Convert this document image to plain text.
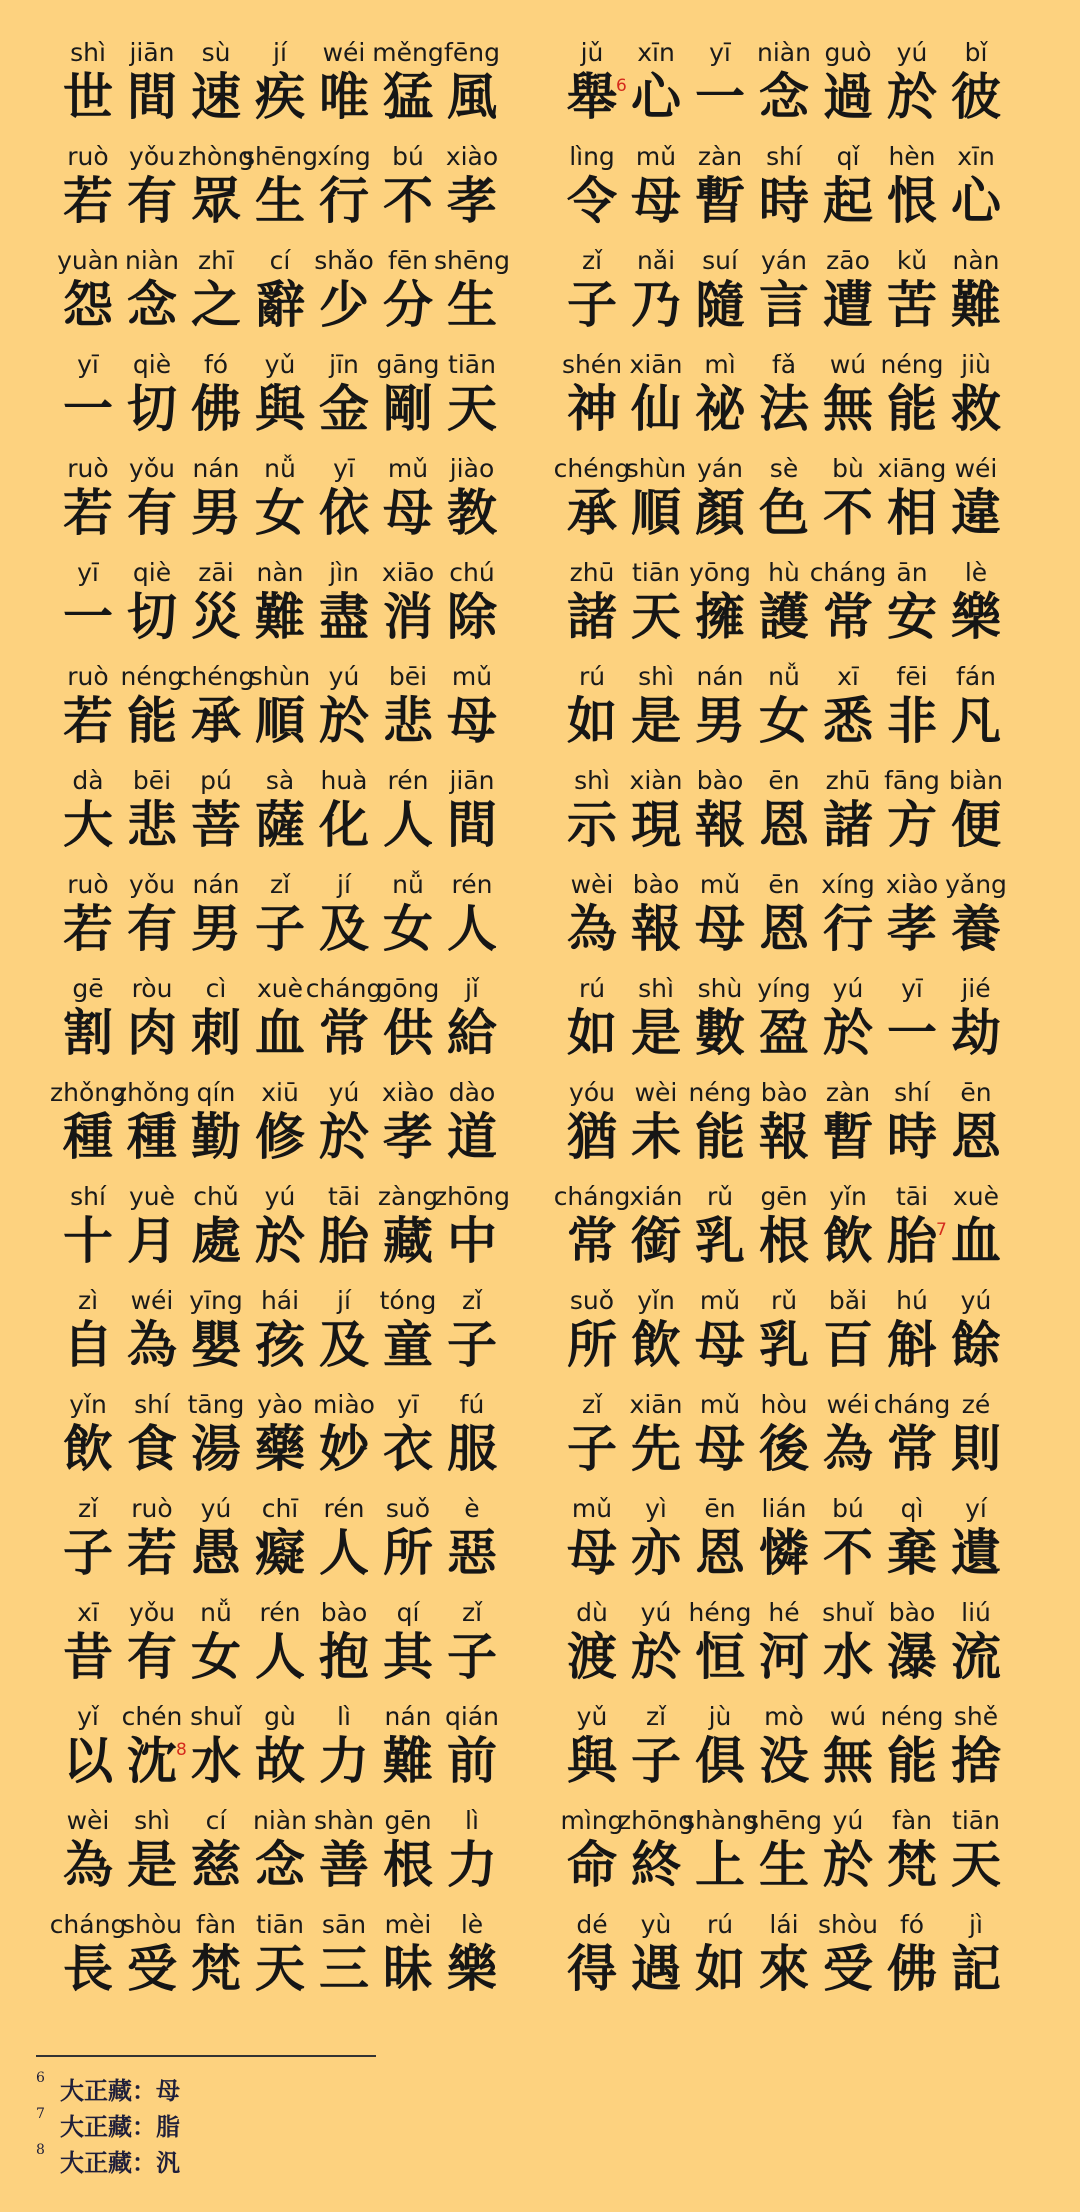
shì
世
jiān
間
sù
速
jí
疾
wéi
唯
měng
猛
fēng
風
jǔ
舉
xīn
心
6
yī
一
niàn
念
guò
過
yú
於
bǐ
彼
ruò
若
yǒu
有
zhòng
眾
shēng
生
xíng
行
bú
不
xiào
孝
lìng
令
mǔ
母
zàn
暫
shí
時
qǐ
起
hèn
恨
xīn
心
yuàn
怨
niàn
念
zhī
之
cí
辭
shǎo
少
fēn
分
shēng
生
zǐ
子
nǎi
乃
suí
隨
yán
言
zāo
遭
kǔ
苦
nàn
難
yī
一
qiè
切
fó
佛
yǔ
與
jīn
金
gāng
剛
tiān
天
shén
神
xiān
仙
mì
祕
fǎ
法
wú
無
néng
能
jiù
救
ruò
若
yǒu
有
nán
男
nǚ
女
yī
依
mǔ
母
jiào
教
chéng
承
shùn
順
yán
顏
sè
色
bù
不
xiāng
相
wéi
違
yī
一
qiè
切
zāi
災
nàn
難
jìn
盡
xiāo
消
chú
除
zhū
諸
tiān
天
yōng
擁
hù
護
cháng
常
ān
安
lè
樂
ruò
若
néng
能
chéng
承
shùn
順
yú
於
bēi
悲
mǔ
母
rú
如
shì
是
nán
男
nǚ
女
xī
悉
fēi
非
fán
凡
dà
大
bēi
悲
pú
菩
sà
薩
huà
化
rén
人
jiān
間
shì
示
xiàn
現
bào
報
ēn
恩
zhū
諸
fāng
方
biàn
便
ruò
若
yǒu
有
nán
男
zǐ
子
jí
及
nǚ
女
rén
人
wèi
為
bào
報
mǔ
母
ēn
恩
xíng
行
xiào
孝
yǎng
養
gē
割
ròu
肉
cì
刺
xuè
血
cháng
常
gōng
供
jǐ
給
rú
如
shì
是
shù
數
yíng
盈
yú
於
yī
一
jié
劫
zhǒng
種
zhǒng
種
qín
勤
xiū
修
yú
於
xiào
孝
dào
道
yóu
猶
wèi
未
néng
能
bào
報
zàn
暫
shí
時
ēn
恩
shí
十
yuè
月
chǔ
處
yú
於
tāi
胎
zàng
藏
zhōng
中
cháng
常
xián
銜
rǔ
乳
gēn
根
yǐn
飲
tāi
胎
xuè
血
7
zì
自
wéi
為
yīng
嬰
hái
孩
jí
及
tóng
童
zǐ
子
suǒ
所
yǐn
飲
mǔ
母
rǔ
乳
bǎi
百
hú
斛
yú
餘
yǐn
飲
shí
食
tāng
湯
yào
藥
miào
妙
yī
衣
fú
服
zǐ
子
xiān
先
mǔ
母
hòu
後
wéi
為
cháng
常
zé
則
zǐ
子
ruò
若
yú
愚
chī
癡
rén
人
suǒ
所
è
惡
mǔ
母
yì
亦
ēn
恩
lián
憐
bú
不
qì
棄
yí
遺
xī
昔
yǒu
有
nǚ
女
rén
人
bào
抱
qí
其
zǐ
子
dù
渡
yú
於
héng
恒
hé
河
shuǐ
水
bào
瀑
liú
流
yǐ
以
chén
沈
shuǐ
水
8
gù
故
lì
力
nán
難
qián
前
yǔ
與
zǐ
子
jù
俱
mò
没
wú
無
néng
能
shě
捨
wèi
為
shì
是
cí
慈
niàn
念
shàn
善
gēn
根
lì
力
mìng
命
zhōng
終
shàng
上
shēng
生
yú
於
fàn
梵
tiān
天
cháng
長
shòu
受
fàn
梵
tiān
天
sān
三
mèi
昧
lè
樂
dé
得
yù
遇
rú
如
lái
來
shòu
受
fó
佛
jì
記
$^6$ 大正藏：母
$^7$ 大正藏：脂
$^8$ 大正藏：汎
